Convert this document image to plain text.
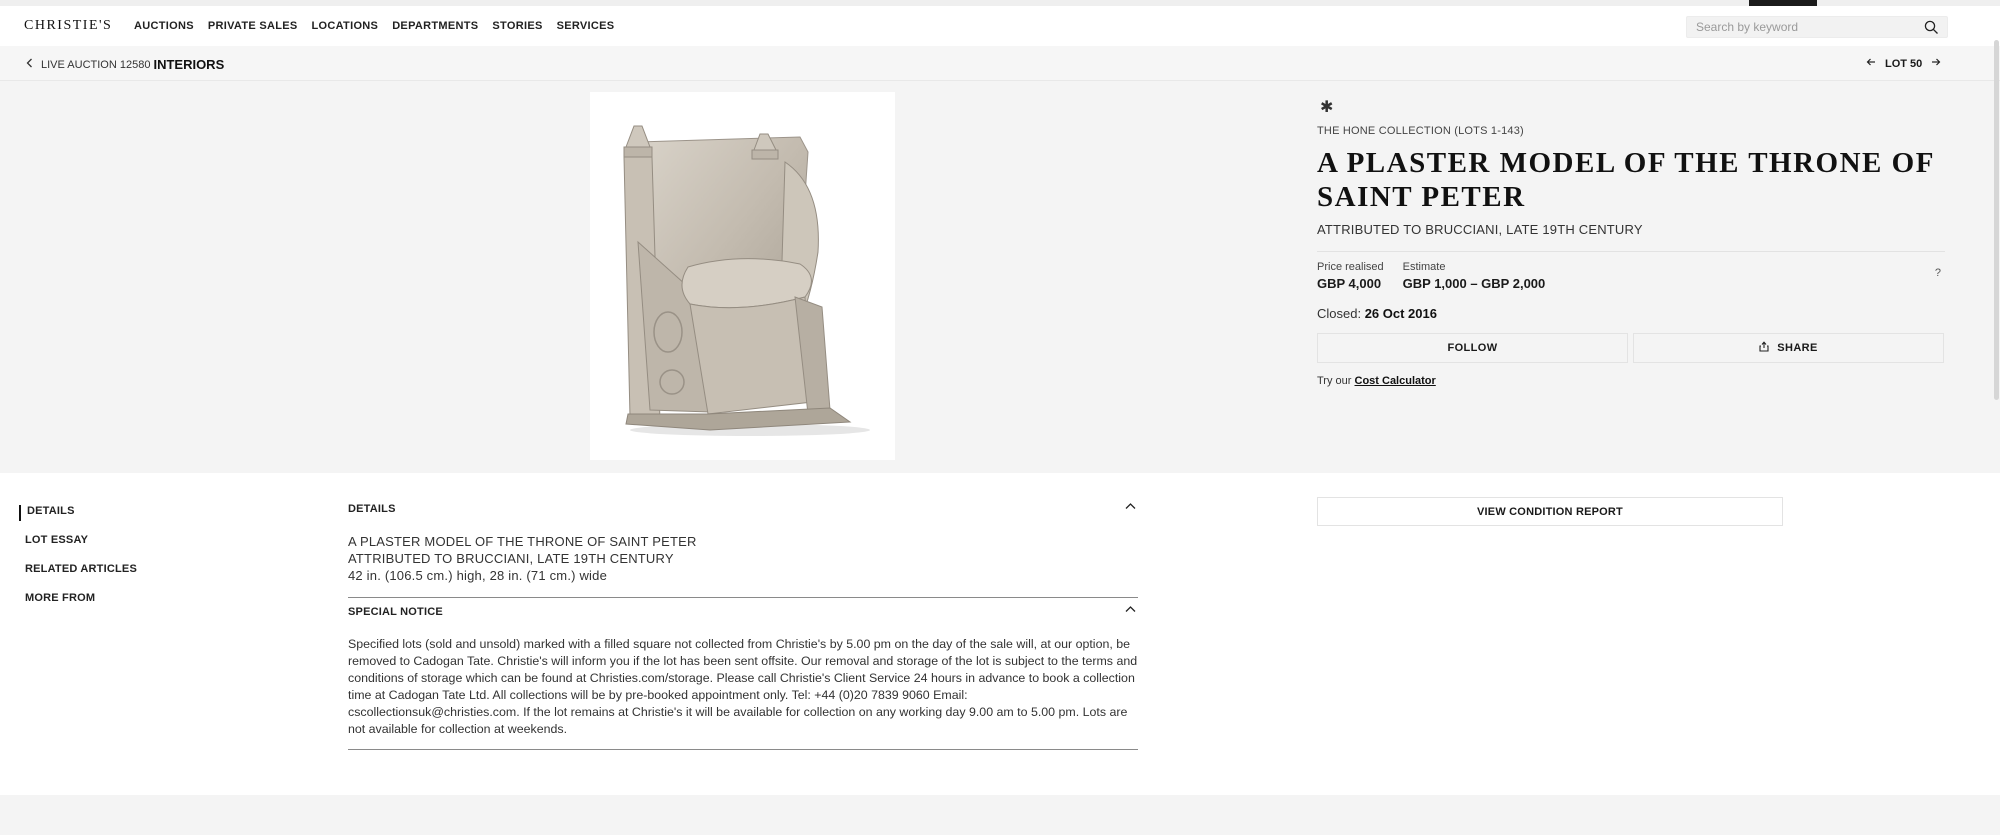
CHRISTIE'S AUCTIONS PRIVATE SALES LOCATIONS DEPARTMENTS STORIES SERVICES
Search by keyword
LIVE AUCTION 12580 INTERIORS	LOT 50
✱
THE HONE COLLECTION (LOTS 1-143)
A PLASTER MODEL OF THE THRONE OF SAINT PETER
ATTRIBUTED TO BRUCCIANI, LATE 19TH CENTURY
Price realised
GBP 4,000
Estimate
GBP 1,000 – GBP 2,000
?
Closed: 26 Oct 2016
FOLLOW	SHARE
Try our Cost Calculator
DETAILS
LOT ESSAY
RELATED ARTICLES
MORE FROM
DETAILS
A PLASTER MODEL OF THE THRONE OF SAINT PETER
ATTRIBUTED TO BRUCCIANI, LATE 19TH CENTURY
42 in. (106.5 cm.) high, 28 in. (71 cm.) wide
SPECIAL NOTICE

Specified lots (sold and unsold) marked with a filled square not collected from Christie's by 5.00 pm on the day of the sale will, at our option, be removed to Cadogan Tate. Christie's will inform you if the lot has been sent offsite. Our removal and storage of the lot is subject to the terms and conditions of storage which can be found at Christies.com/storage. Please call Christie's Client Service 24 hours in advance to book a collection time at Cadogan Tate Ltd. All collections will be by pre-booked appointment only. Tel: +44 (0)20 7839 9060 Email: cscollectionsuk@christies.com. If the lot remains at Christie's it will be available for collection on any working day 9.00 am to 5.00 pm. Lots are not available for collection at weekends.

VIEW CONDITION REPORT
